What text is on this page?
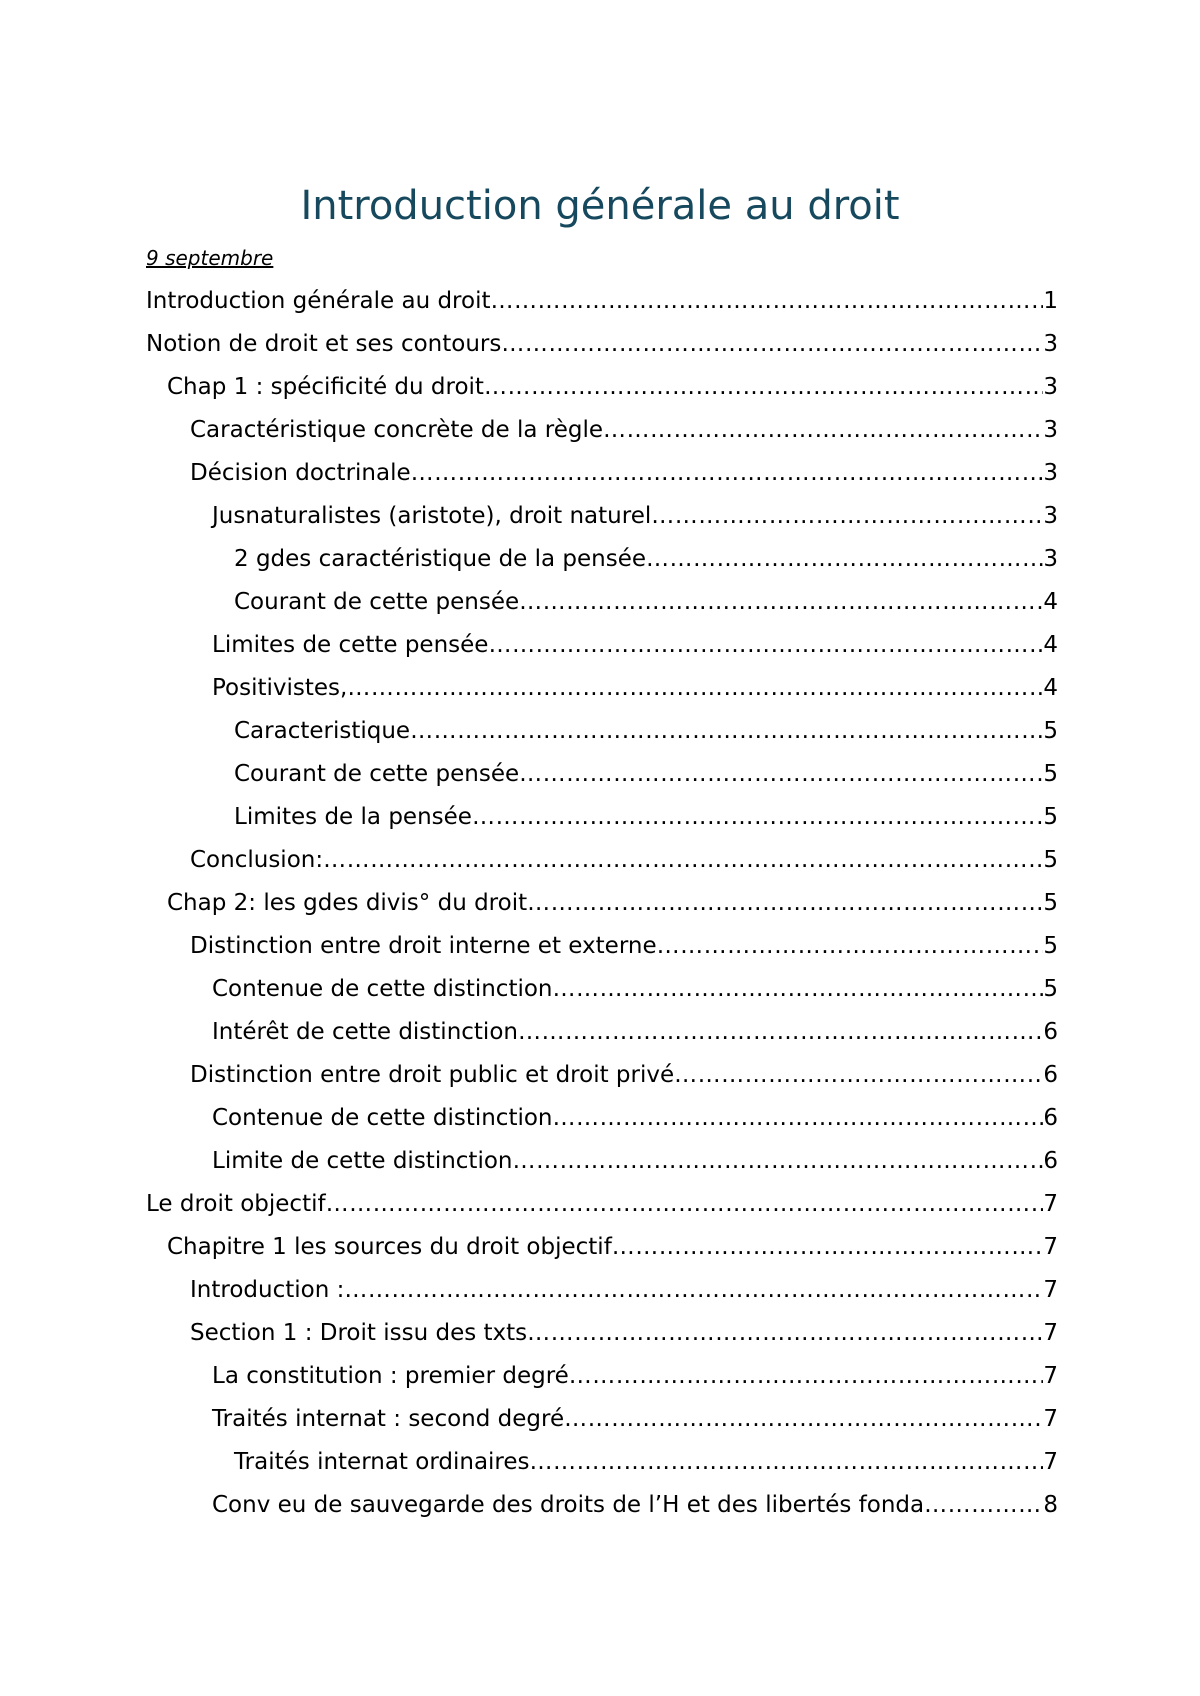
Introduction générale au droit

9 septembre

Introduction générale au droit ………………………………………………………………………………………………………………………………………………………………………………………………………………………………………………	1
Notion de droit et ses contours ………………………………………………………………………………………………………………………………………………………………………………………………………………………………………………	3
Chap 1 : spécificité du droit ………………………………………………………………………………………………………………………………………………………………………………………………………………………………………………	3
Caractéristique concrète de la règle ………………………………………………………………………………………………………………………………………………………………………………………………………………………………………………	3
Décision doctrinale ………………………………………………………………………………………………………………………………………………………………………………………………………………………………………………	3
Jusnaturalistes (aristote), droit naturel ………………………………………………………………………………………………………………………………………………………………………………………………………………………………………………	3
2 gdes caractéristique de la pensée ………………………………………………………………………………………………………………………………………………………………………………………………………………………………………………	3
Courant de cette pensée ………………………………………………………………………………………………………………………………………………………………………………………………………………………………………………	4
Limites de cette pensée ………………………………………………………………………………………………………………………………………………………………………………………………………………………………………………	4
Positivistes, ………………………………………………………………………………………………………………………………………………………………………………………………………………………………………………	4
Caracteristique ………………………………………………………………………………………………………………………………………………………………………………………………………………………………………………	5
Courant de cette pensée ………………………………………………………………………………………………………………………………………………………………………………………………………………………………………………	5
Limites de la pensée ………………………………………………………………………………………………………………………………………………………………………………………………………………………………………………	5
Conclusion: ………………………………………………………………………………………………………………………………………………………………………………………………………………………………………………	5
Chap 2: les gdes divis° du droit ………………………………………………………………………………………………………………………………………………………………………………………………………………………………………………	5
Distinction entre droit interne et externe ………………………………………………………………………………………………………………………………………………………………………………………………………………………………………………	5
Contenue de cette distinction ………………………………………………………………………………………………………………………………………………………………………………………………………………………………………………	5
Intérêt de cette distinction ………………………………………………………………………………………………………………………………………………………………………………………………………………………………………………	6
Distinction entre droit public et droit privé ………………………………………………………………………………………………………………………………………………………………………………………………………………………………………………	6
Contenue de cette distinction ………………………………………………………………………………………………………………………………………………………………………………………………………………………………………………	6
Limite de cette distinction ………………………………………………………………………………………………………………………………………………………………………………………………………………………………………………	6
Le droit objectif ………………………………………………………………………………………………………………………………………………………………………………………………………………………………………………	7
Chapitre 1 les sources du droit objectif ………………………………………………………………………………………………………………………………………………………………………………………………………………………………………………	7
Introduction : ………………………………………………………………………………………………………………………………………………………………………………………………………………………………………………	7
Section 1 : Droit issu des txts ………………………………………………………………………………………………………………………………………………………………………………………………………………………………………………	7
La constitution : premier degré ………………………………………………………………………………………………………………………………………………………………………………………………………………………………………………	7
Traités internat : second degré ………………………………………………………………………………………………………………………………………………………………………………………………………………………………………………	7
Traités internat ordinaires ………………………………………………………………………………………………………………………………………………………………………………………………………………………………………………	7
Conv eu de sauvegarde des droits de l’H et des libertés fonda ………………………………………………………………………………………………………………………………………………………………………………………………………………………………………………	8
